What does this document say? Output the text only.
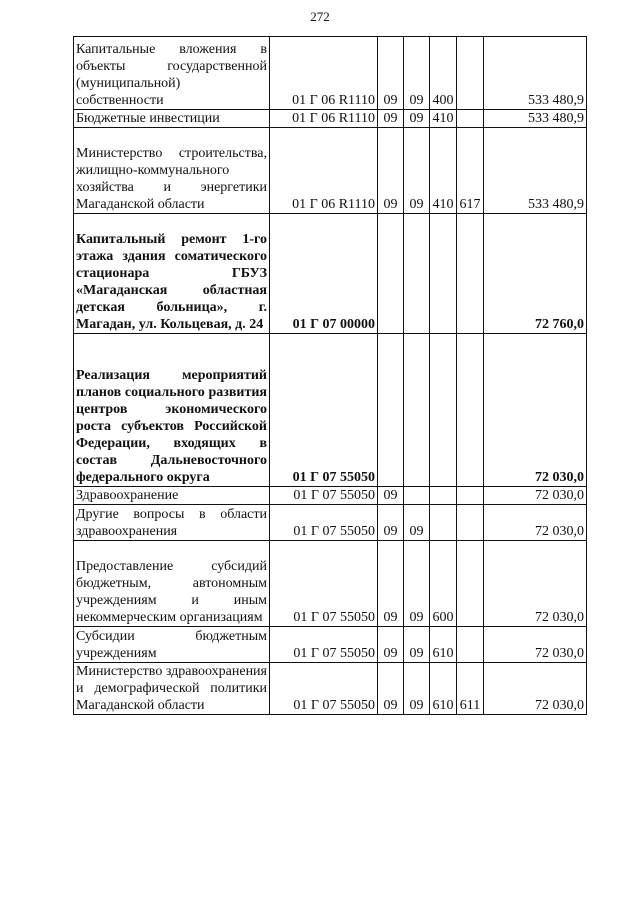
272
Капитальные вложения в объекты государственной (муниципальной) собственности	01 Г 06 R1110	09	09	400		533 480,9
Бюджетные инвестиции	01 Г 06 R1110	09	09	410		533 480,9
Министерство строительства, жилищно-коммунального хозяйства и энергетики Магаданской области	01 Г 06 R1110	09	09	410	617	533 480,9
Капитальный ремонт 1-го этажа здания соматического стационара ГБУЗ «Магаданская областная детская больница», г. Магадан, ул. Кольцевая, д. 24	01 Г 07 00000					72 760,0
Реализация мероприятий планов социального развития центров экономического роста субъектов Российской Федерации, входящих в состав Дальневосточного федерального округа	01 Г 07 55050					72 030,0
Здравоохранение	01 Г 07 55050	09				72 030,0
Другие вопросы в области здравоохранения	01 Г 07 55050	09	09			72 030,0
Предоставление субсидий бюджетным, автономным учреждениям и иным некоммерческим организациям	01 Г 07 55050	09	09	600		72 030,0
Субсидии бюджетным учреждениям	01 Г 07 55050	09	09	610		72 030,0
Министерство здравоохранения и демографической политики Магаданской области	01 Г 07 55050	09	09	610	611	72 030,0
